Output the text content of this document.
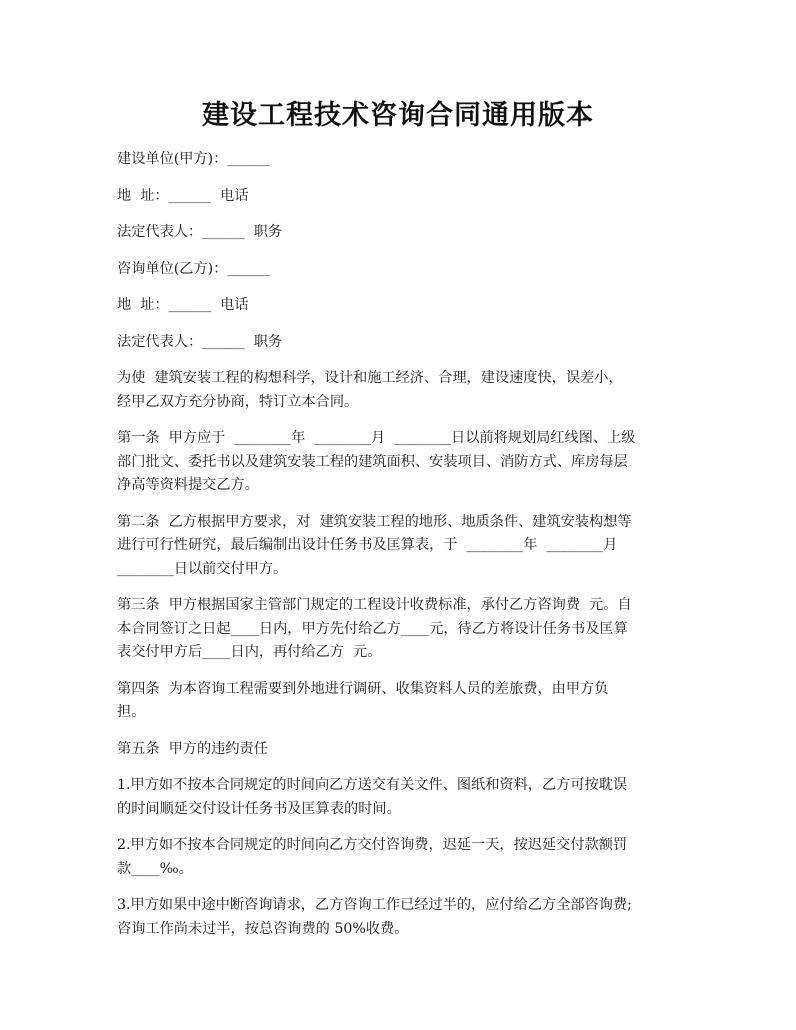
建设工程技术咨询合同通用版本

建设单位(甲方)：______

地  址：______  电话

法定代表人：______  职务

咨询单位(乙方)：______

地  址：______  电话

法定代表人：______  职务

为使  建筑安装工程的构想科学，设计和施工经济、合理，建设速度快，误差小，
经甲乙双方充分协商，特订立本合同。

第一条  甲方应于  ________年  ________月  ________日以前将规划局红线图、上级
部门批文、委托书以及建筑安装工程的建筑面积、安装项目、消防方式、库房每层
净高等资料提交乙方。

第二条  乙方根据甲方要求，对  建筑安装工程的地形、地质条件、建筑安装构想等
进行可行性研究，最后编制出设计任务书及匡算表，于  ________年  ________月
________日以前交付甲方。

第三条  甲方根据国家主管部门规定的工程设计收费标准，承付乙方咨询费  元。自
本合同签订之日起____日内，甲方先付给乙方____元，待乙方将设计任务书及匡算
表交付甲方后____日内，再付给乙方  元。

第四条  为本咨询工程需要到外地进行调研、收集资料人员的差旅费，由甲方负
担。

第五条  甲方的违约责任

1.甲方如不按本合同规定的时间向乙方送交有关文件、图纸和资料，乙方可按耽误
的时间顺延交付设计任务书及匡算表的时间。

2.甲方如不按本合同规定的时间向乙方交付咨询费，迟延一天，按迟延交付款额罚
款____‰。

3.甲方如果中途中断咨询请求，乙方咨询工作已经过半的，应付给乙方全部咨询费;
咨询工作尚未过半，按总咨询费的 50%收费。
